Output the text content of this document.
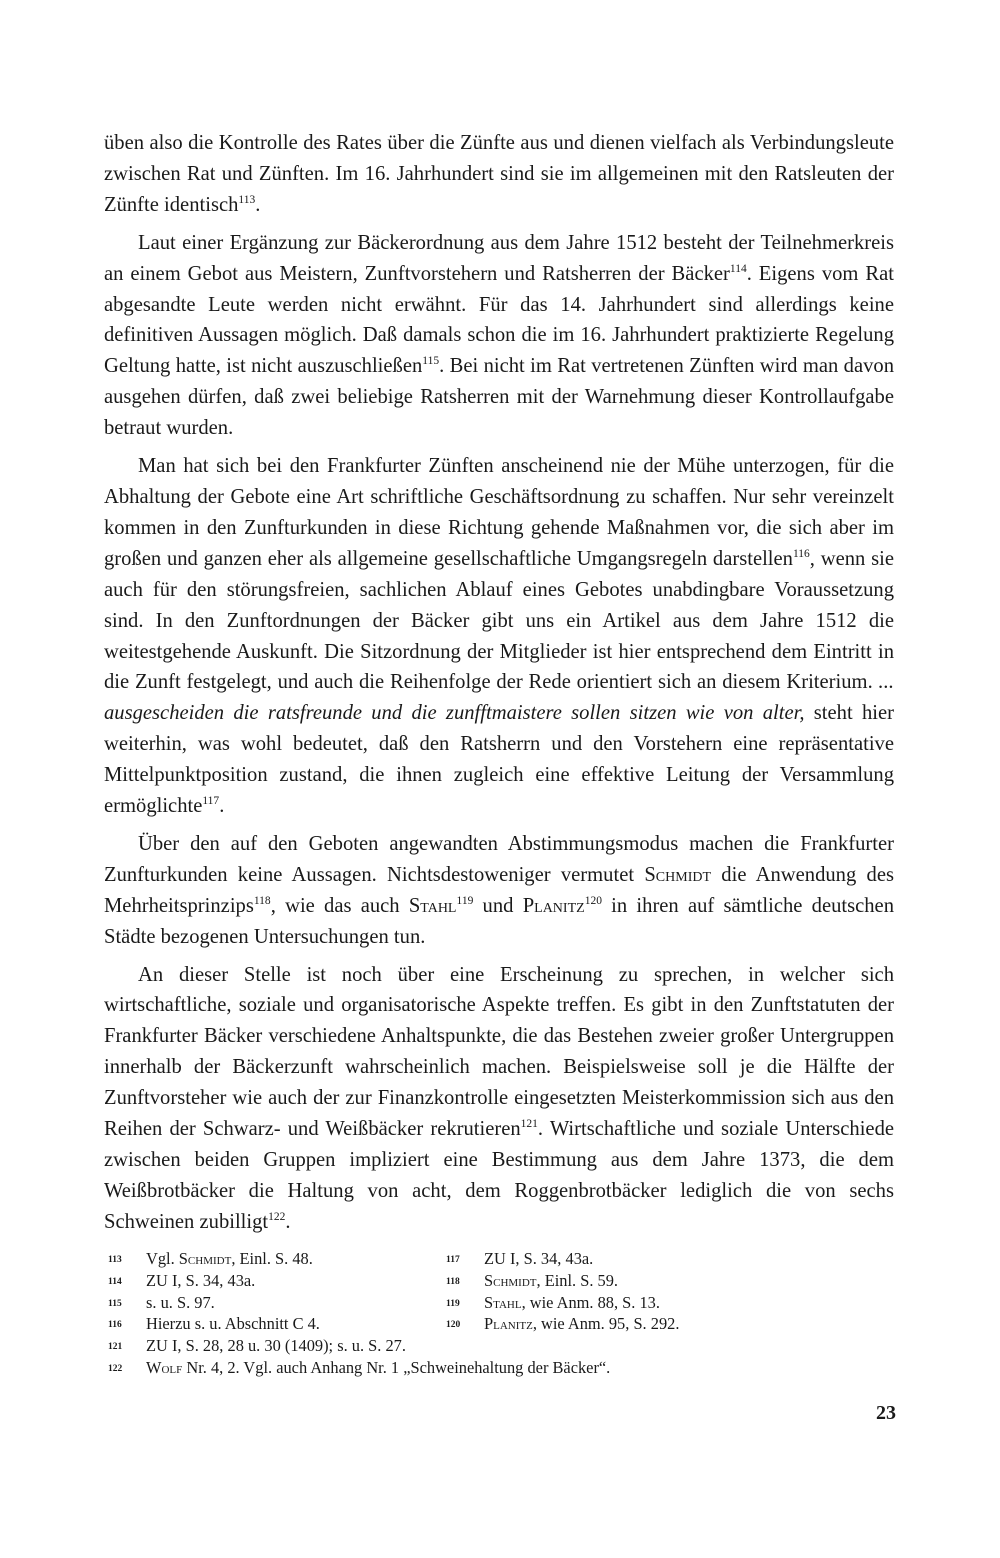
üben also die Kontrolle des Rates über die Zünfte aus und dienen vielfach als Verbindungsleute zwischen Rat und Zünften. Im 16. Jahrhundert sind sie im allgemeinen mit den Ratsleuten der Zünfte identisch$^{113}$.

Laut einer Ergänzung zur Bäckerordnung aus dem Jahre 1512 besteht der Teilnehmerkreis an einem Gebot aus Meistern, Zunftvorstehern und Ratsherren der Bäcker$^{114}$. Eigens vom Rat abgesandte Leute werden nicht erwähnt. Für das 14. Jahrhundert sind allerdings keine definitiven Aussagen möglich. Daß damals schon die im 16. Jahrhundert praktizierte Regelung Geltung hatte, ist nicht auszuschließen$^{115}$. Bei nicht im Rat vertretenen Zünften wird man davon ausgehen dürfen, daß zwei beliebige Ratsherren mit der Warnehmung dieser Kontrollaufgabe betraut wurden.

Man hat sich bei den Frankfurter Zünften anscheinend nie der Mühe unterzogen, für die Abhaltung der Gebote eine Art schriftliche Geschäftsordnung zu schaffen. Nur sehr vereinzelt kommen in den Zunfturkunden in diese Richtung gehende Maßnahmen vor, die sich aber im großen und ganzen eher als allgemeine gesellschaftliche Umgangsregeln darstellen$^{116}$, wenn sie auch für den störungsfreien, sachlichen Ablauf eines Gebotes unabdingbare Voraussetzung sind. In den Zunftordnungen der Bäcker gibt uns ein Artikel aus dem Jahre 1512 die weitestgehende Auskunft. Die Sitzordnung der Mitglieder ist hier entsprechend dem Eintritt in die Zunft festgelegt, und auch die Reihenfolge der Rede orientiert sich an diesem Kriterium. ... ausgescheiden die ratsfreunde und die zunfftmaistere sollen sitzen wie von alter, steht hier weiterhin, was wohl bedeutet, daß den Ratsherrn und den Vorstehern eine repräsentative Mittelpunktposition zustand, die ihnen zugleich eine effektive Leitung der Versammlung ermöglichte$^{117}$.

Über den auf den Geboten angewandten Abstimmungsmodus machen die Frankfurter Zunfturkunden keine Aussagen. Nichtsdestoweniger vermutet Schmidt die Anwendung des Mehrheitsprinzips$^{118}$, wie das auch Stahl$^{119}$ und Planitz$^{120}$ in ihren auf sämtliche deutschen Städte bezogenen Untersuchungen tun.

An dieser Stelle ist noch über eine Erscheinung zu sprechen, in welcher sich wirtschaftliche, soziale und organisatorische Aspekte treffen. Es gibt in den Zunftstatuten der Frankfurter Bäcker verschiedene Anhaltspunkte, die das Bestehen zweier großer Untergruppen innerhalb der Bäckerzunft wahrscheinlich machen. Beispielsweise soll je die Hälfte der Zunftvorsteher wie auch der zur Finanzkontrolle eingesetzten Meisterkommission sich aus den Reihen der Schwarz- und Weißbäcker rekrutieren$^{121}$. Wirtschaftliche und soziale Unterschiede zwischen beiden Gruppen impliziert eine Bestimmung aus dem Jahre 1373, die dem Weißbrotbäcker die Haltung von acht, dem Roggenbrotbäcker lediglich die von sechs Schweinen zubilligt$^{122}$.

113	Vgl. Schmidt, Einl. S. 48.	117	ZU I, S. 34, 43a.
114	ZU I, S. 34, 43a.	118	Schmidt, Einl. S. 59.
115	s. u. S. 97.	119	Stahl, wie Anm. 88, S. 13.
116	Hierzu s. u. Abschnitt C 4.	120	Planitz, wie Anm. 95, S. 292.
121	ZU I, S. 28, 28 u. 30 (1409); s. u. S. 27.
122	Wolf Nr. 4, 2. Vgl. auch Anhang Nr. 1 „Schweinehaltung der Bäcker“.
23
